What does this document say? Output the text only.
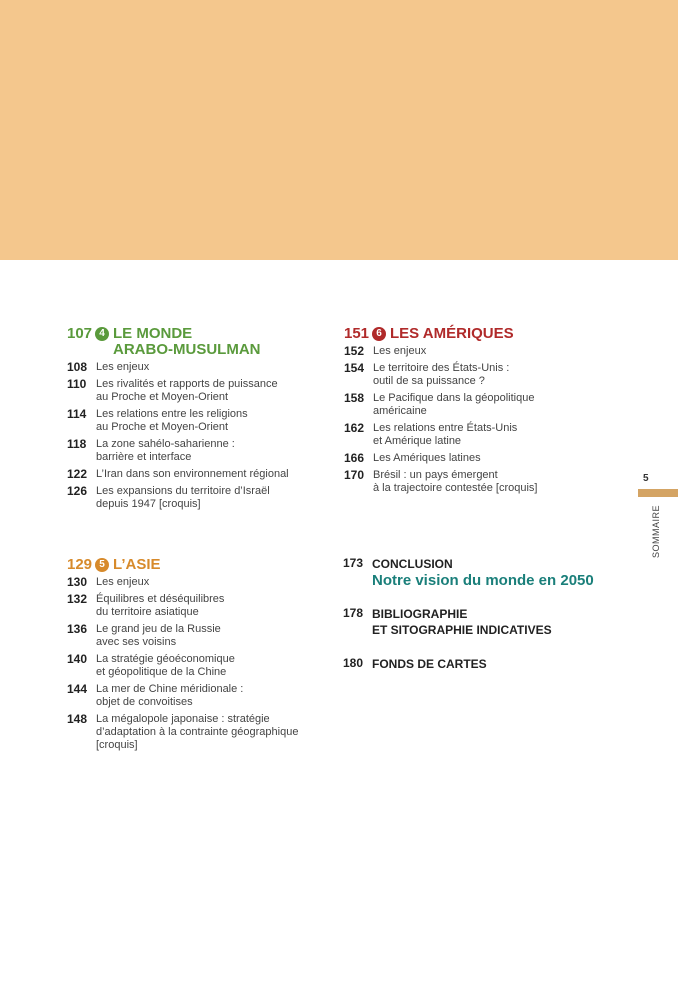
107 4 LE MONDE
ARABO-MUSULMAN
108 Les enjeux
110 Les rivalités et rapports de puissance
au Proche et Moyen-Orient
114 Les relations entre les religions
au Proche et Moyen-Orient
118 La zone sahélo-saharienne :
barrière et interface
122 L’Iran dans son environnement régional
126 Les expansions du territoire d’Israël
depuis 1947 [croquis]
151 6 LES AMÉRIQUES
152 Les enjeux
154 Le territoire des États-Unis :
outil de sa puissance ?
158 Le Pacifique dans la géopolitique
américaine
162 Les relations entre États-Unis
et Amérique latine
166 Les Amériques latines
170 Brésil : un pays émergent
à la trajectoire contestée [croquis]
129 5 L’ASIE
130 Les enjeux
132 Équilibres et déséquilibres
du territoire asiatique
136 Le grand jeu de la Russie
avec ses voisins
140 La stratégie géoéconomique
et géopolitique de la Chine
144 La mer de Chine méridionale :
objet de convoitises
148 La mégalopole japonaise : stratégie
d’adaptation à la contrainte géographique
[croquis]
173 CONCLUSION
Notre vision du monde en 2050
178 BIBLIOGRAPHIE
ET SITOGRAPHIE INDICATIVES
180 FONDS DE CARTES
5
SOMMAIRE
